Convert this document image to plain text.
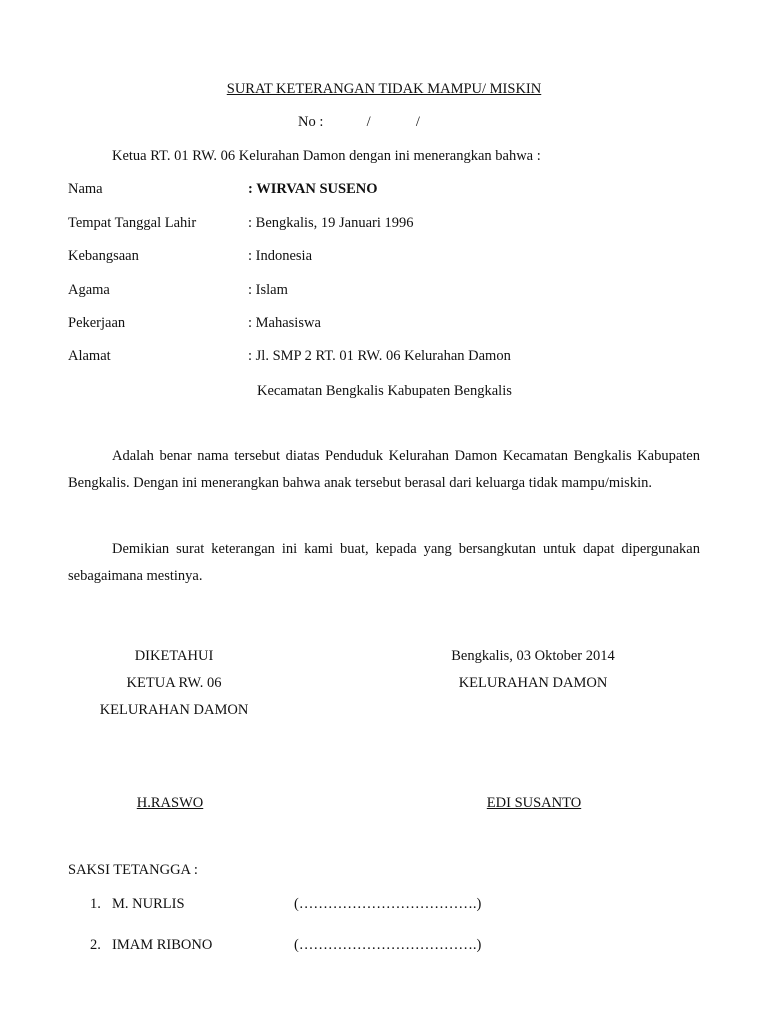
SURAT KETERANGAN TIDAK MAMPU/ MISKIN
No :	/	/
Ketua RT. 01 RW. 06 Kelurahan Damon dengan ini menerangkan bahwa :
Nama	: WIRVAN SUSENO
Tempat Tanggal Lahir	: Bengkalis, 19 Januari 1996
Kebangsaan	: Indonesia
Agama	: Islam
Pekerjaan	: Mahasiswa
Alamat	: Jl. SMP 2 RT. 01 RW. 06 Kelurahan Damon
Kecamatan Bengkalis Kabupaten Bengkalis
Adalah benar nama tersebut diatas Penduduk Kelurahan Damon Kecamatan Bengkalis Kabupaten Bengkalis. Dengan ini menerangkan bahwa anak tersebut berasal dari keluarga tidak mampu/miskin.
Demikian surat keterangan ini kami buat, kepada yang bersangkutan untuk dapat dipergunakan sebagaimana mestinya.
DIKETAHUI
KETUA RW. 06
KELURAHAN DAMON
H.RASWO
Bengkalis, 03 Oktober 2014
KELURAHAN DAMON
EDI SUSANTO
SAKSI TETANGGA :
1. M. NURLIS	(……………………………….)
2. IMAM RIBONO	(……………………………….)
